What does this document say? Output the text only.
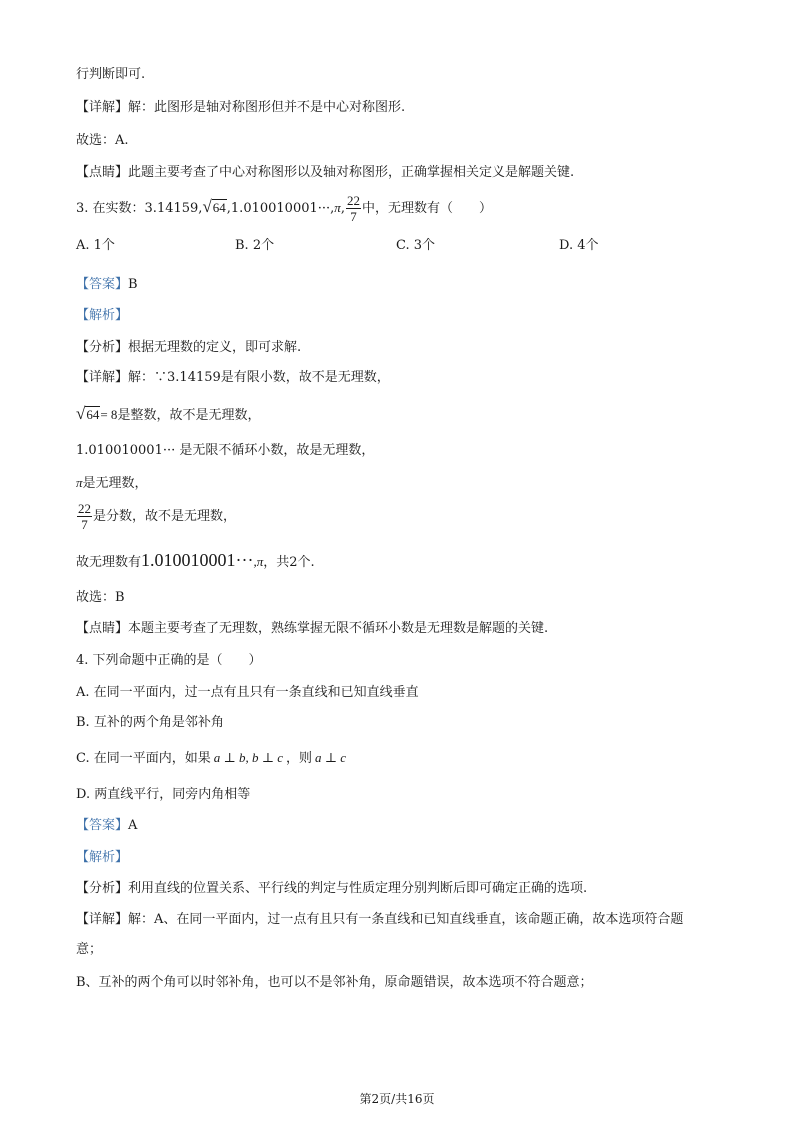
行判断即可.
【详解】解：此图形是轴对称图形但并不是中心对称图形.
故选：A.
【点睛】此题主要考查了中心对称图形以及轴对称图形，正确掌握相关定义是解题关键.
3. 在实数：3.14159,√64,1.010010001···,π, $\frac{22}{7}$ 中，无理数有（　　）
A. 1个	B. 2个	C. 3个	D. 4个
【答案】B
【解析】
【分析】根据无理数的定义，即可求解.
【详解】解：∵3.14159是有限小数，故不是无理数，
√64= 8是整数，故不是无理数，
1.010010001··· 是无限不循环小数，故是无理数，
π是无理数，
$\frac{22}{7}$ 是分数，故不是无理数，
故无理数有1.010010001···,π，共2个.
故选：B
【点睛】本题主要考查了无理数，熟练掌握无限不循环小数是无理数是解题的关键.
4. 下列命题中正确的是（　　）
A. 在同一平面内，过一点有且只有一条直线和已知直线垂直
B. 互补的两个角是邻补角
C. 在同一平面内，如果 a ⊥ b, b ⊥ c ，则 a ⊥ c
D. 两直线平行，同旁内角相等
【答案】A
【解析】
【分析】利用直线的位置关系、平行线的判定与性质定理分别判断后即可确定正确的选项.
【详解】解：A、在同一平面内，过一点有且只有一条直线和已知直线垂直，该命题正确，故本选项符合题
意；
B、互补的两个角可以时邻补角，也可以不是邻补角，原命题错误，故本选项不符合题意；
第2页/共16页
